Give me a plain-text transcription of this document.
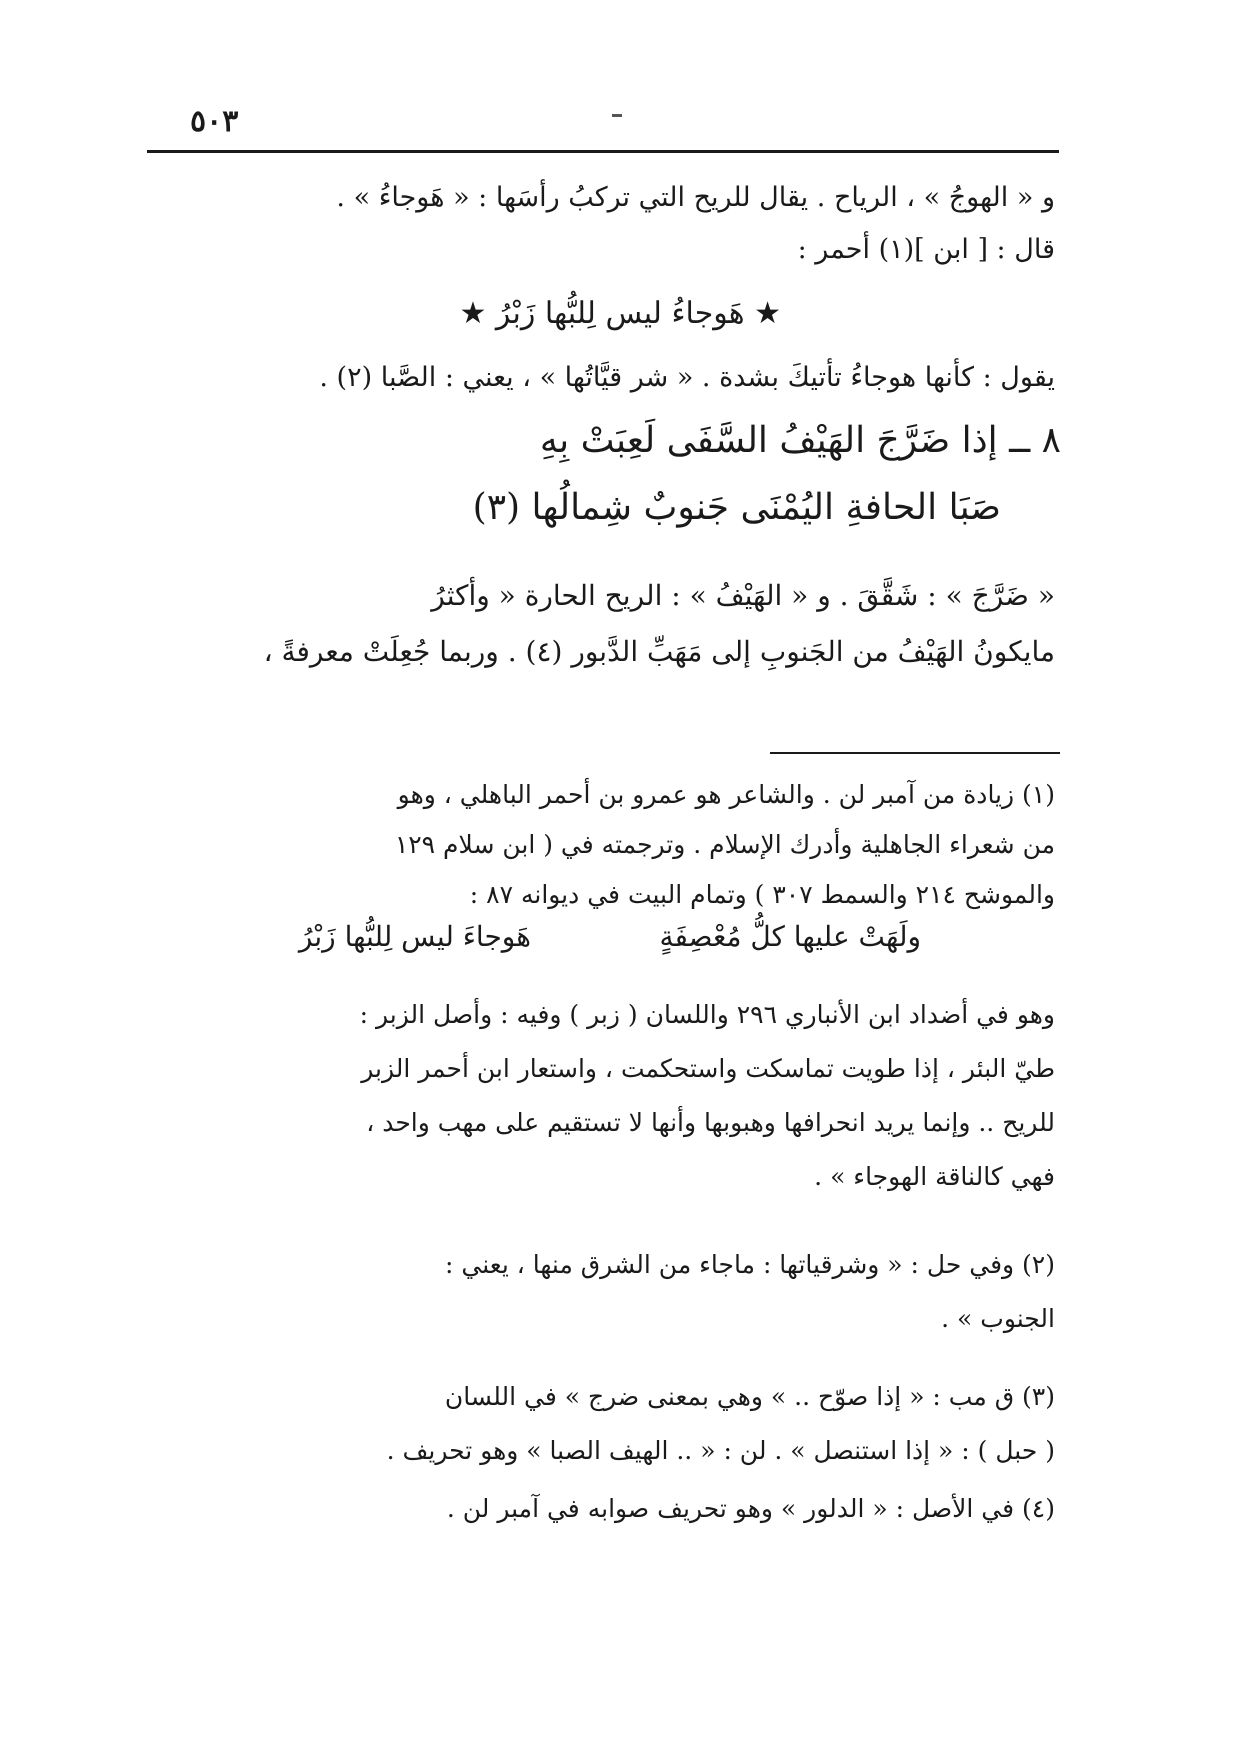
٥٠٣
و « الهوجُ » ، الرياح . يقال للريح التي تركبُ رأسَها : « هَوجاءُ » .
قال : [ ابن ](١) أحمر :
★ هَوجاءُ ليس لِلبُّها زَبْرُ ★
يقول : كأنها هوجاءُ تأتيكَ بشدة . « شر قيَّاتُها » ، يعني : الصَّبا (٢) .
٨ ــ إذا ضَرَّجَ الهَيْفُ السَّفَى لَعِبَتْ بِهِ
صَبَا الحافةِ اليُمْنَى جَنوبٌ شِمالُها (٣)
« ضَرَّجَ » : شَقَّقَ . و « الهَيْفُ » : الريح الحارة « وأكثرُ
مايكونُ الهَيْفُ من الجَنوبِ إلى مَهَبِّ الدَّبور (٤) . وربما جُعِلَتْ معرفةً ،
(١) زيادة من آمبر لن . والشاعر هو عمرو بن أحمر الباهلي ، وهو
من شعراء الجاهلية وأدرك الإسلام . وترجمته في ( ابن سلام ١٢٩
والموشح ٢١٤ والسمط ٣٠٧ ) وتمام البيت في ديوانه ٨٧ :
ولَهَتْ عليها كلُّ مُعْصِفَةٍ
هَوجاءَ ليس لِلبُّها زَبْرُ
وهو في أضداد ابن الأنباري ٢٩٦ واللسان ( زبر ) وفيه : وأصل الزبر :
طيّ البئر ، إذا طويت تماسكت واستحكمت ، واستعار ابن أحمر الزبر
للريح .. وإنما يريد انحرافها وهبوبها وأنها لا تستقيم على مهب واحد ،
فهي كالناقة الهوجاء » .
(٢) وفي حل : « وشرقياتها : ماجاء من الشرق منها ، يعني :
الجنوب » .
(٣) ق مب : « إذا صوّح .. » وهي بمعنى ضرج » في اللسان
( حبل ) : « إذا استنصل » . لن : « .. الهيف الصبا » وهو تحريف .
(٤) في الأصل : « الدلور » وهو تحريف صوابه في آمبر لن .
